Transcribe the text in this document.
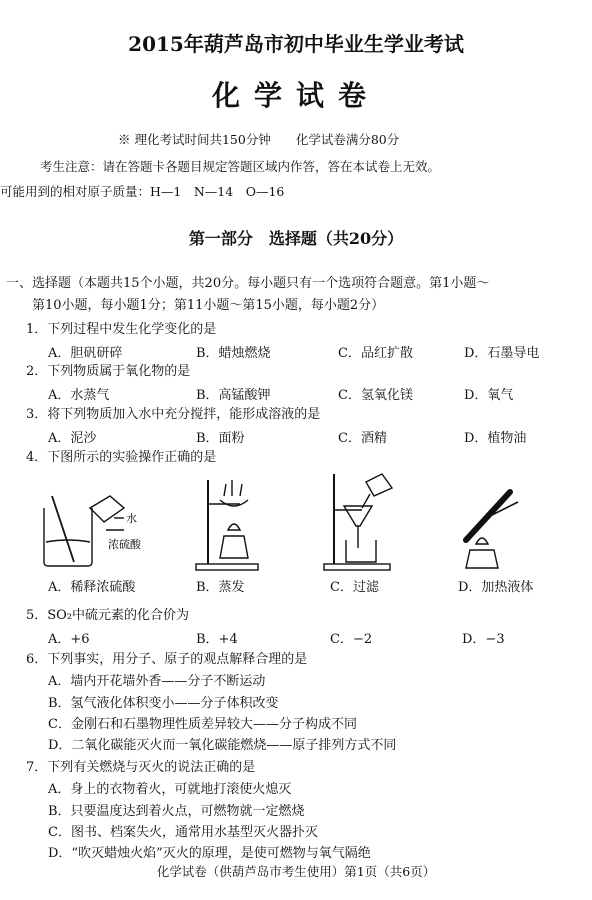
2015年葫芦岛市初中毕业生学业考试
化学试卷
※ 理化考试时间共150分钟　　化学试卷满分80分
考生注意：请在答题卡各题目规定答题区域内作答，答在本试卷上无效。
可能用到的相对原子质量：H—1　N—14　O—16
第一部分　选择题（共20分）
一、选择题（本题共15个小题，共20分。每小题只有一个选项符合题意。第1小题～
第10小题，每小题1分；第11小题～第15小题，每小题2分）
1．下列过程中发生化学变化的是
A．胆矾研碎	B．蜡烛燃烧	C．品红扩散	D．石墨导电
2．下列物质属于氧化物的是
A．水蒸气	B．高锰酸钾	C．氢氧化镁	D．氧气
3．将下列物质加入水中充分搅拌，能形成溶液的是
A．泥沙	B．面粉	C．酒精	D．植物油
4．下图所示的实验操作正确的是
水
浓硫酸
A．稀释浓硫酸	B．蒸发	C．过滤	D．加热液体
5．SO₂中硫元素的化合价为
A．+6	B．+4	C．−2	D．−3
6．下列事实，用分子、原子的观点解释合理的是
A．墙内开花墙外香——分子不断运动
B．氢气液化体积变小——分子体积改变
C．金刚石和石墨物理性质差异较大——分子构成不同
D．二氧化碳能灭火而一氧化碳能燃烧——原子排列方式不同
7．下列有关燃烧与灭火的说法正确的是
A．身上的衣物着火，可就地打滚使火熄灭
B．只要温度达到着火点，可燃物就一定燃烧
C．图书、档案失火，通常用水基型灭火器扑灭
D．“吹灭蜡烛火焰”灭火的原理，是使可燃物与氧气隔绝
化学试卷（供葫芦岛市考生使用）第1页（共6页）
